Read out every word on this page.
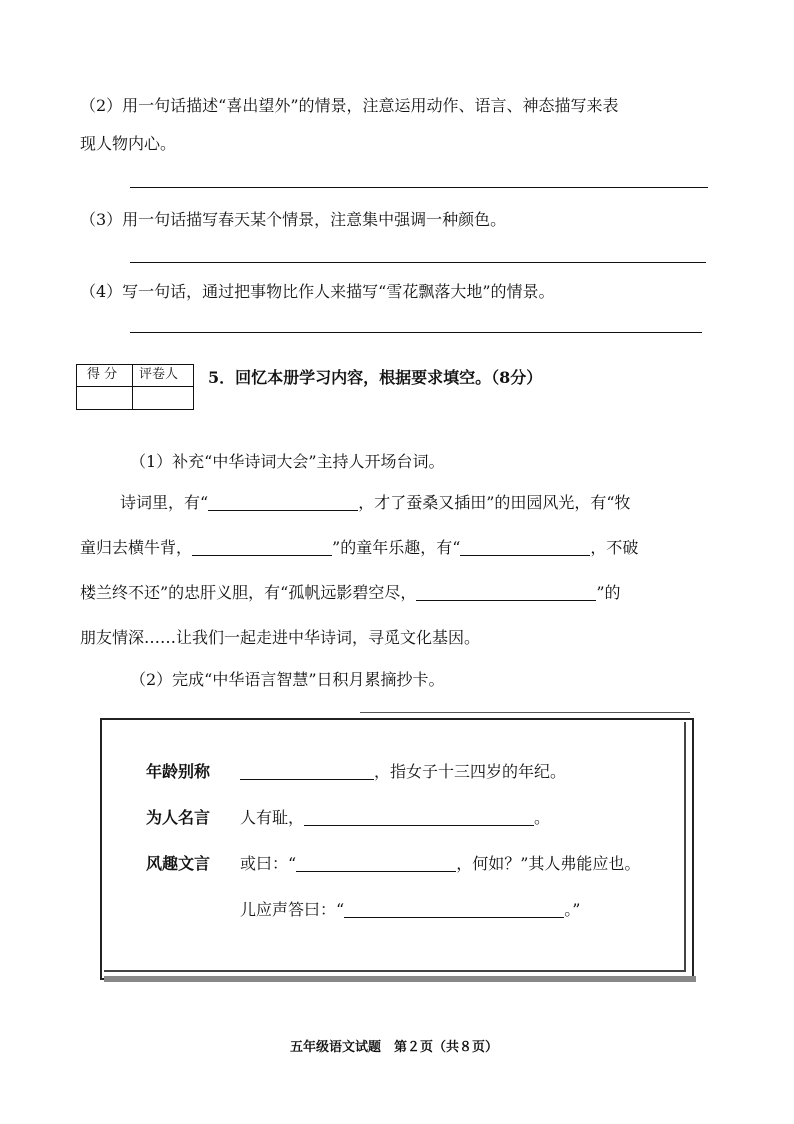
（2）用一句话描述“喜出望外”的情景，注意运用动作、语言、神态描写来表
现人物内心。
（3）用一句话描写春天某个情景，注意集中强调一种颜色。
（4）写一句话，通过把事物比作人来描写“雪花飘落大地”的情景。
得 分 评卷人 5．回忆本册学习内容，根据要求填空。（8分）
（1）补充“中华诗词大会”主持人开场台词。
诗词里，有“	，才了蚕桑又插田”的田园风光，有“牧
童归去横牛背，	”的童年乐趣，有“	，不破
楼兰终不还”的忠肝义胆，有“孤帆远影碧空尽，	”的
朋友情深……让我们一起走进中华诗词，寻觅文化基因。
（2）完成“中华语言智慧”日积月累摘抄卡。
年龄别称	，指女子十三四岁的年纪。
为人名言 人有耻，	。
风趣文言 或曰：“	，何如？”其人弗能应也。
儿应声答曰：“	。”
五年级语文试题　第２页（共８页）
